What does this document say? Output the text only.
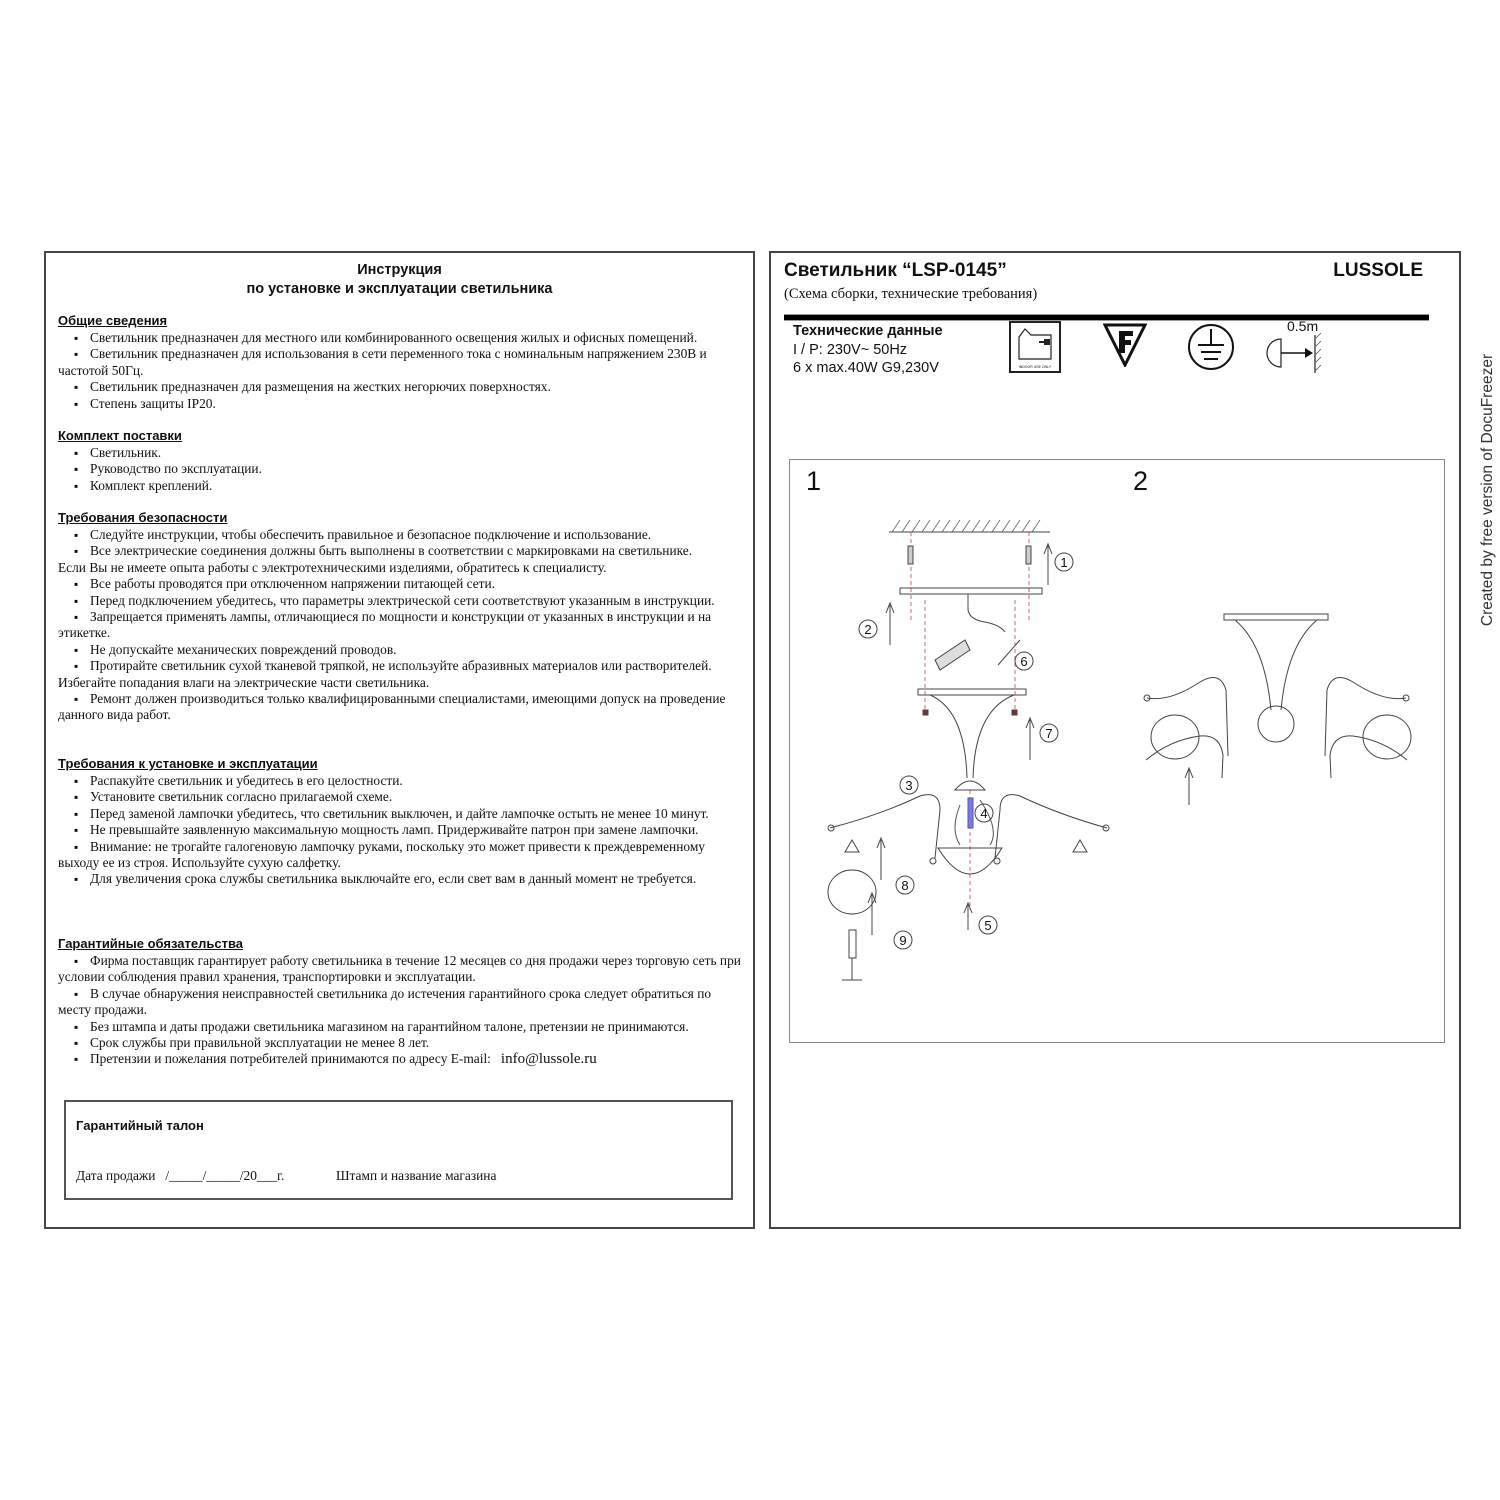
Инструкция
по установке и эксплуатации светильника
Общие сведения
▪ Светильник предназначен для местного или комбинированного освещения жилых и офисных помещений.
▪ Светильник предназначен для использования в сети переменного тока с номинальным напряжением 230В и частотой 50Гц.
▪ Светильник предназначен для размещения на жестких негорючих поверхностях.
▪ Степень защиты IP20.
Комплект поставки
▪ Светильник.
▪ Руководство по эксплуатации.
▪ Комплект креплений.
Требования безопасности
▪ Следуйте инструкции, чтобы обеспечить правильное и безопасное подключение и использование.
▪ Все электрические соединения должны быть выполнены в соответствии с маркировками на светильнике.
Если Вы не имеете опыта работы с электротехническими изделиями, обратитесь к специалисту.
▪ Все работы проводятся при отключенном напряжении питающей сети.
▪ Перед подключением убедитесь, что параметры электрической сети соответствуют указанным в инструкции.
▪ Запрещается применять лампы, отличающиеся по мощности и конструкции от указанных в инструкции и на этикетке.
▪ Не допускайте механических повреждений проводов.
▪ Протирайте светильник сухой тканевой тряпкой, не используйте абразивных материалов или растворителей. Избегайте попадания влаги на электрические части светильника.
▪ Ремонт должен производиться только квалифицированными специалистами, имеющими допуск на проведение данного вида работ.
Требования к установке и эксплуатации
▪ Распакуйте светильник и убедитесь в его целостности.
▪ Установите светильник согласно прилагаемой схеме.
▪ Перед заменой лампочки убедитесь, что светильник выключен, и дайте лампочке остыть не менее 10 минут.
▪ Не превышайте заявленную максимальную мощность ламп. Придерживайте патрон при замене лампочки.
▪ Внимание: не трогайте галогеновую лампочку руками, поскольку это может привести к преждевременному выходу ее из строя. Используйте сухую салфетку.
▪ Для увеличения срока службы светильника выключайте его, если свет вам в данный момент не требуется.
Гарантийные обязательства
▪ Фирма поставщик гарантирует работу светильника в течение 12 месяцев со дня продажи через торговую сеть при условии соблюдения правил хранения, транспортировки и эксплуатации.
▪ В случае обнаружения неисправностей светильника до истечения гарантийного срока следует обратиться по месту продажи.
▪ Без штампа и даты продажи светильника магазином на гарантийном талоне, претензии не принимаются.
▪ Срок службы при правильной эксплуатации не менее 8 лет.
▪ Претензии и пожелания потребителей принимаются по адресу E-mail: info@lussole.ru
Гарантийный талон
Дата продажи   /_____/_____/20___г.	Штамп и название магазина
Светильник “LSP-0145”	LUSSOLE
(Схема сборки, технические требования)
Технические данные
I / P: 230V~ 50Hz
6 x max.40W G9,230V	INDOOR USE ONLY
0.5m
1	2
1
2
3
4
5
6
7
8
9
Created by free version of DocuFreezer
